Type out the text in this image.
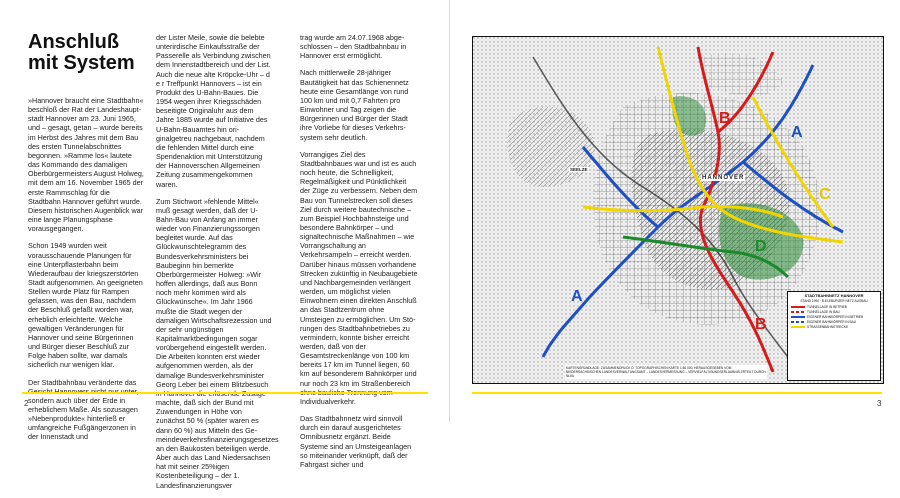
Anschluß mit System

»Hannover braucht eine Stadtbahn« beschloß der Rat der Landeshauptstadt Hannover am 23. Juni 1965, und – gesagt, getan – wurde bereits im Herbst des Jahres mit dem Bau des ersten Tunnelabschnittes begonnen. »Ramme los« lautete das Kommando des damaligen Oberbürgermeisters August Holweg, mit dem am 16. November 1965 der erste Rammschlag für die Stadtbahn Hannover geführt wurde. Diesem historischen Augenblick war eine lange Planungsphase vorausgegangen.

Schon 1949 wurden weit vorausschauende Planungen für eine Unterpflasterbahn beim Wiederaufbau der kriegszerstörten Stadt aufgenommen. An geeigneten Stellen wurde Platz für Rampen gelassen, was den Bau, nachdem der Beschluß gefaßt worden war, erheblich erleichterte. Welche gewaltigen Veränderungen für Hannover und seine Bürgerinnen und Bürger dieser Beschluß zur Folge haben sollte, war damals sicherlich nur wenigen klar.

Der Stadtbahnbau veränderte das sondern auch über der Erde in erheblichem Maße. Als sozusagen »Nebenprodukte« hinterließ er umfangreiche Fußgängerzonen in der Innenstadt und

der Lister Meile, sowie die belebte unterirdische Einkaufsstraße der Passerelle als Verbindung zwischen dem Innenstadtbereich und der List. Auch die neue alte Kröpcke-Uhr – d e r Treffpunkt Hannovers – ist ein Produkt des U-Bahn-Baues. Die 1954 wegen ihrer Kriegsschäden beseitigte Originaluhr aus dem Jahre 1885 wurde auf Initiative des U-Bahn-Bauamtes hin originalgetreu nachgebaut, nachdem die fehlenden Mittel durch eine Spendenaktion mit Unterstützung der Hannoverschen Allgemeinen Zeitung zusammengekommen waren.

Zum Stichwort »fehlende Mittel« muß gesagt werden, daß der U-Bahn-Bau von Anfang an immer wieder von Finanzierungssorgen begleitet wurde. Auf das Glückwunschtelegramm des Bundesverkehrsministers bei Baubeginn hin bemerkte Oberbürgermeister Holweg: »Wir hoffen allerdings, daß aus Bonn noch mehr kommen wird als Glückwünsche«. Im Jahr 1966 mußte die Stadt wegen der damaligen Wirtschaftsrezession und der sehr ungünstigen Kapitalmarktbedingungen sogar vorübergehend eingestellt werden. Die Arbeiten konnten erst wieder aufgenommen werden, als der damalige Bundesverkehrsminister Georg Leber bei einem Blitzbesuch machte, daß sich der Bund mit Zuwendungen in Höhe von zunächst 50 % (später waren es dann 60 %) aus Mitteln des Gemeindeverkehrsfinanzierungsgesetzes an den Baukosten beteiligen werde. Aber auch das Land Niedersachsen hat mit seiner 25%igen Kostenbeteiligung – der 1. Landesfinanzierungsver

trag wurde am 24.07.1968 abgeschlossen – den Stadtbahnbau in Hannover erst ermöglicht.

Nach mittlerweile 28-jähriger Bautätigkeit hat das Schienennetz heute eine Gesamtlänge von rund 100 km und mit 0,7 Fahrten pro Einwohner und Tag zeigen die Bürgerinnen und Bürger der Stadt ihre Vorliebe für dieses Verkehrssystem sehr deutlich.

Vorrangiges Ziel des Stadtbahnbaues war und ist es auch noch heute, die Schnelligkeit, Regelmäßigkeit und Pünktlichkeit der Züge zu verbessern. Neben dem Bau von Tunnelstrecken soll dieses Ziel durch weitere bautechnische – zum Beispiel Hochbahnsteige und besondere Bahnkörper – und signaltechnische Maßnahmen – wie Vorrangschaltung an Verkehrsampeln – erreicht werden. Darüber hinaus müssen vorhandene Strecken zukünftig in Neubaugebiete und Nachbargemeinden verlängert werden, um möglichst vielen Einwohnern einen direkten Anschluß an das Stadtzentrum ohne Umsteigen zu ermöglichen. Um Störungen des Stadtbahnbetriebes zu vermindern, konnte bisher erreicht werden, daß von der Gesamtstreckenlänge von 100 km bereits 17 km im Tunnel liegen, 60 km auf besonderem Bahnkörper und nur noch 23 km im Straßenbereich Individualverkehr.

Das Stadtbahnnetz wird sinnvoll durch ein darauf ausgerichtetes Omnibusnetz ergänzt. Beide Systeme sind an Umsteigeanlagen so miteinander verknüpft, daß der Fahrgast sicher und

2
B
A
C
D
A
B
HANNOVER
SEELZE
STADTBAHNNETZ HANNOVER
STAND 1994 · B-ELEBURGER NETZ AUSBAU
TUNNELLAGE IN BETRIEB
TUNNELLAGE IN BAU
EIGENER BAHNKÖRPER IN BETRIEB
EIGENER BAHNKÖRPER IN BAU
STRASSENBAHNSTRECKE
KARTENGRUNDLAGE: ZUSAMMENDRUCK D. TOPOGRAPHISCHEN KARTE 1:50 000, HERAUSGEGEBEN VOM NIEDERSÄCHSISCHEN LANDESVERWALTUNGSAMT – LANDESVERMESSUNG – VERVIELFÄLTIGUNGSERLAUBNIS ERTEILT DURCH NLVA
3
